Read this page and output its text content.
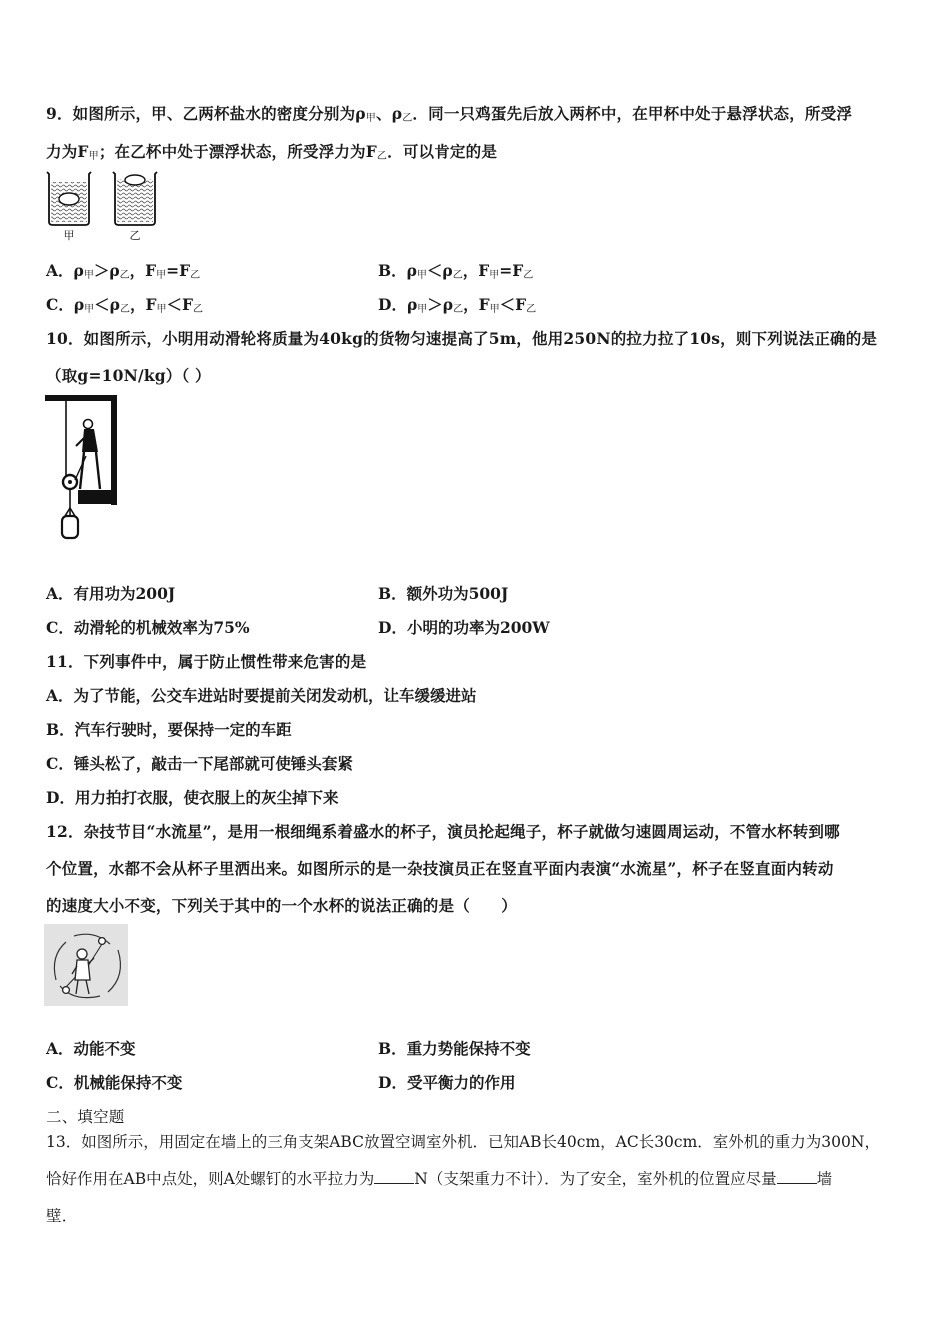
9．如图所示，甲、乙两杯盐水的密度分别为$\rho_甲$、$\rho_乙$．同一只鸡蛋先后放入两杯中，在甲杯中处于悬浮状态，所受浮
力为$F_甲$；在乙杯中处于漂浮状态，所受浮力为$F_乙$．可以肯定的是
甲	乙
A．$\rho_甲>\rho_乙$，$F_甲=F_乙$	B．$\rho_甲<\rho_乙$，$F_甲=F_乙$
C．$\rho_甲<\rho_乙$，$F_甲<F_乙$	D．$\rho_甲>\rho_乙$，$F_甲<F_乙$
10．如图所示，小明用动滑轮将质量为40kg的货物匀速提高了5m，他用250N的拉力拉了10s，则下列说法正确的是
（取g=10N/kg）（ ）
A．有用功为200J	B．额外功为500J
C．动滑轮的机械效率为75%	D．小明的功率为200W
11．下列事件中，属于防止惯性带来危害的是
A．为了节能，公交车进站时要提前关闭发动机，让车缓缓进站
B．汽车行驶时，要保持一定的车距
C．锤头松了，敲击一下尾部就可使锤头套紧
D．用力拍打衣服，使衣服上的灰尘掉下来
12．杂技节目“水流星”，是用一根细绳系着盛水的杯子，演员抡起绳子，杯子就做匀速圆周运动，不管水杯转到哪
个位置，水都不会从杯子里洒出来。如图所示的是一杂技演员正在竖直平面内表演“水流星”，杯子在竖直面内转动
的速度大小不变，下列关于其中的一个水杯的说法正确的是（　　）
A．动能不变	B．重力势能保持不变
C．机械能保持不变	D．受平衡力的作用
二、填空题
13．如图所示，用固定在墙上的三角支架ABC放置空调室外机．已知AB长40cm，AC长30cm．室外机的重力为300N，
恰好作用在AB中点处，则A处螺钉的水平拉力为	N（支架重力不计）．为了安全，室外机的位置应尽量	墙
壁．
